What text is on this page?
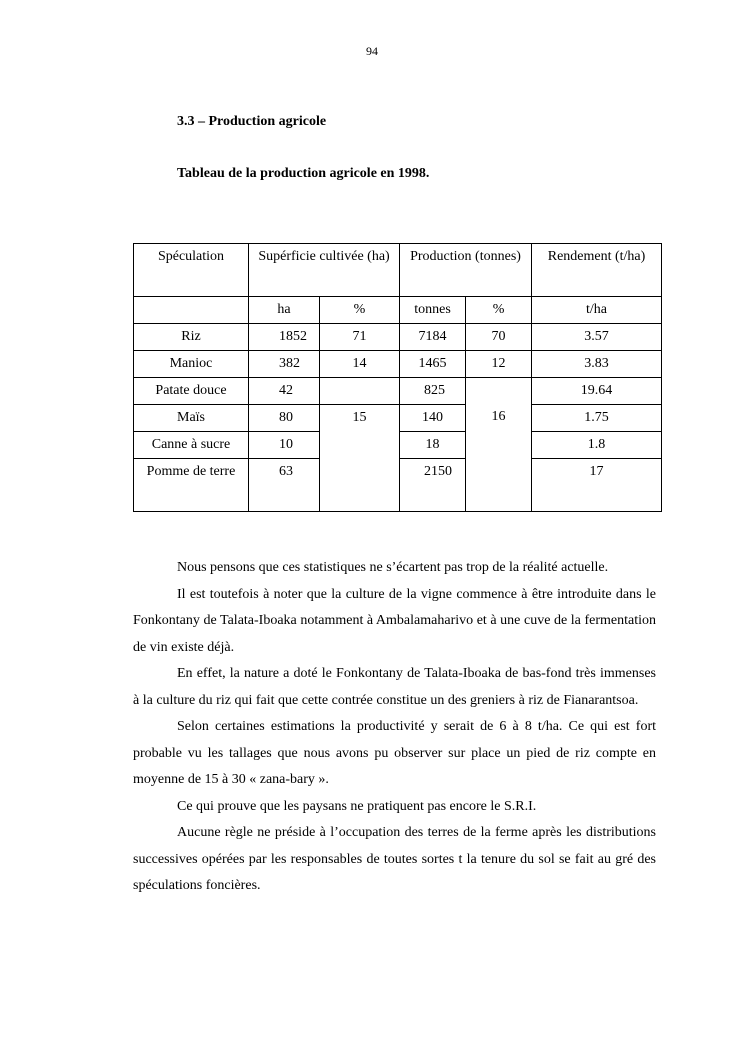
94
3.3 – Production agricole
Tableau de la production agricole en 1998.
Spéculation	Supérficie cultivée (ha)		Production (tonnes)		Rendement (t/ha)
	ha	%	tonnes	%	t/ha
Riz	1852	71	7184	70	3.57
Manioc	382	14	1465	12	3.83
Patate douce	42		825	16	19.64
Maïs	80	15	140		1.75
Canne à sucre	10		18		1.8
Pomme de terre	63		2150		17

Nous pensons que ces statistiques ne s’écartent pas trop de la réalité actuelle.

Il est toutefois à noter que la culture de la vigne commence à être introduite dans le Fonkontany de Talata-Iboaka notamment à Ambalamaharivo et à une cuve de la fermentation de vin existe déjà.

En effet, la nature a doté le Fonkontany de Talata-Iboaka de bas-fond très immenses à la culture du riz qui fait que cette contrée constitue un des greniers à riz de Fianarantsoa.

Selon certaines estimations la productivité y serait de 6 à 8 t/ha. Ce qui est fort probable vu les tallages que nous avons pu observer sur place un pied de riz compte en moyenne de 15 à 30 « zana-bary ».

Ce qui prouve que les paysans ne pratiquent pas encore le S.R.I.

Aucune règle ne préside à l’occupation des terres de la ferme après les distributions successives opérées par les responsables de toutes sortes t la tenure du sol se fait au gré des spéculations foncières.
